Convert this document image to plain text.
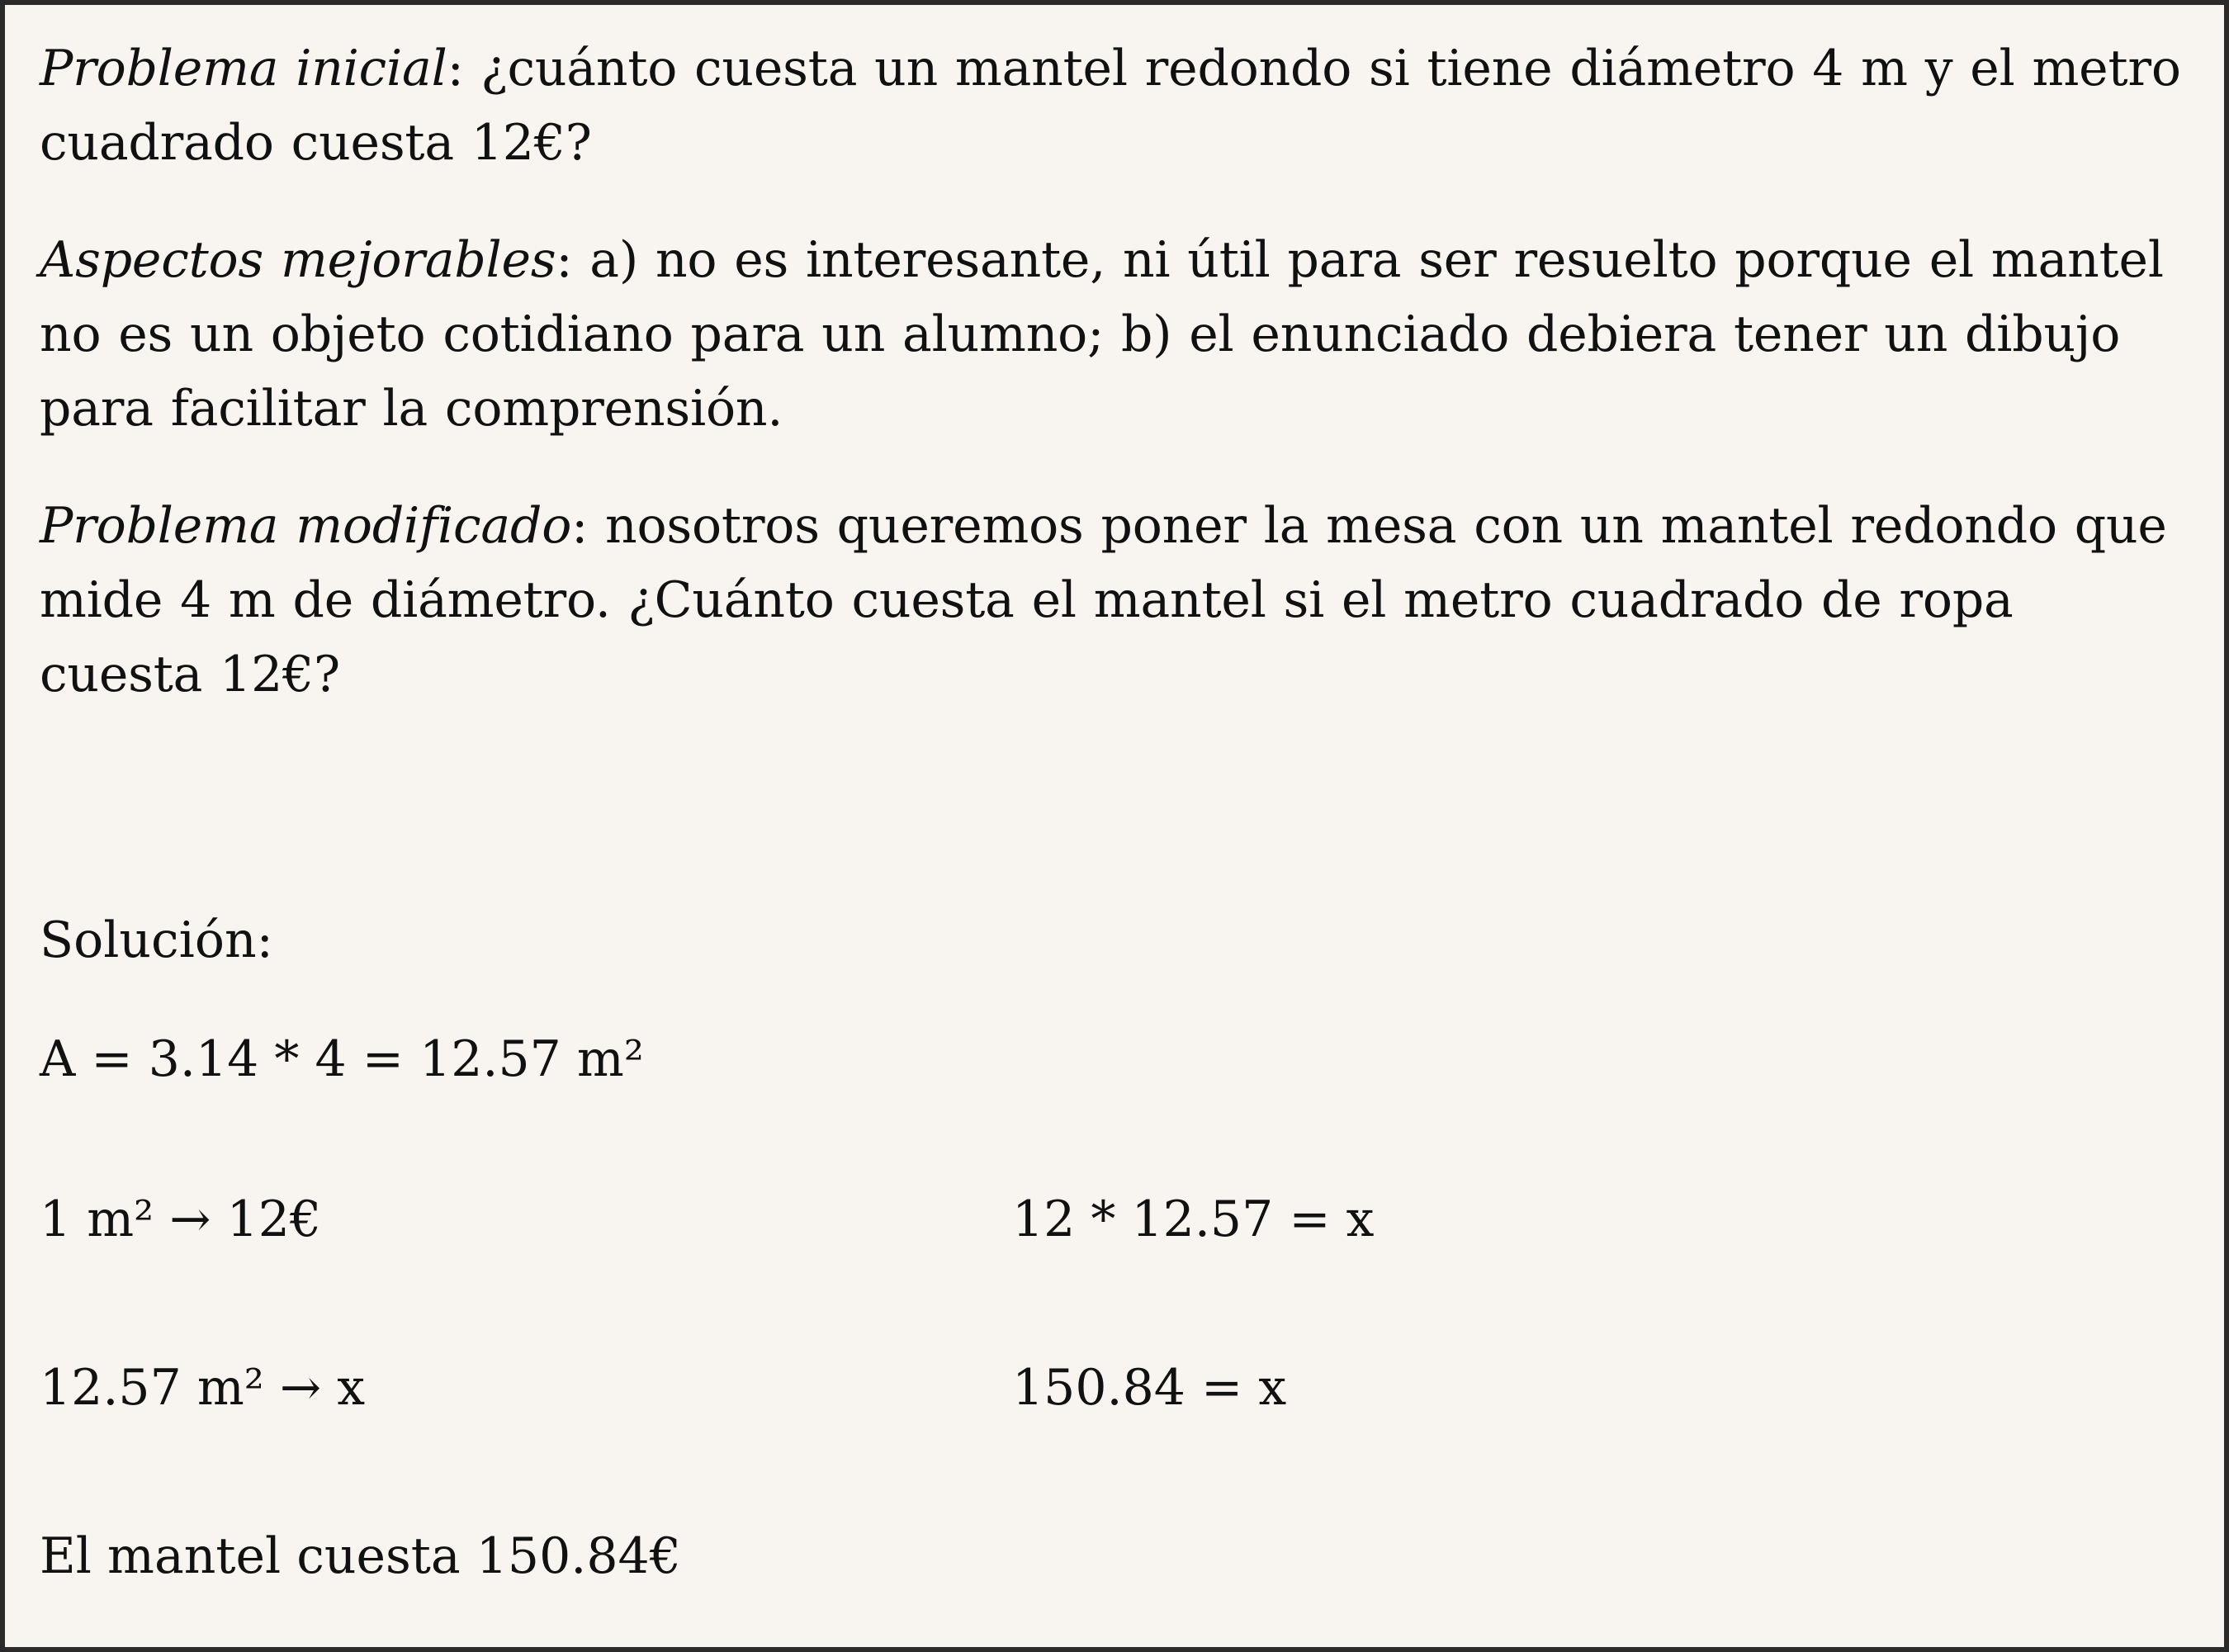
Problema inicial: ¿cuánto cuesta un mantel redondo si tiene diámetro 4 m y el metro cuadrado cuesta 12€?

Aspectos mejorables: a) no es interesante, ni útil para ser resuelto porque el mantel no es un objeto cotidiano para un alumno; b) el enunciado debiera tener un dibujo para facilitar la comprensión.

Problema modificado: nosotros queremos poner la mesa con un mantel redondo que mide 4 m de diámetro. ¿Cuánto cuesta el mantel si el metro cuadrado de ropa cuesta 12€?

Solución:

A = 3.14 * 4 = 12.57 m²

1 m² → 12€	12 * 12.57 = x

12.57 m² → x	150.84 = x

El mantel cuesta 150.84€
